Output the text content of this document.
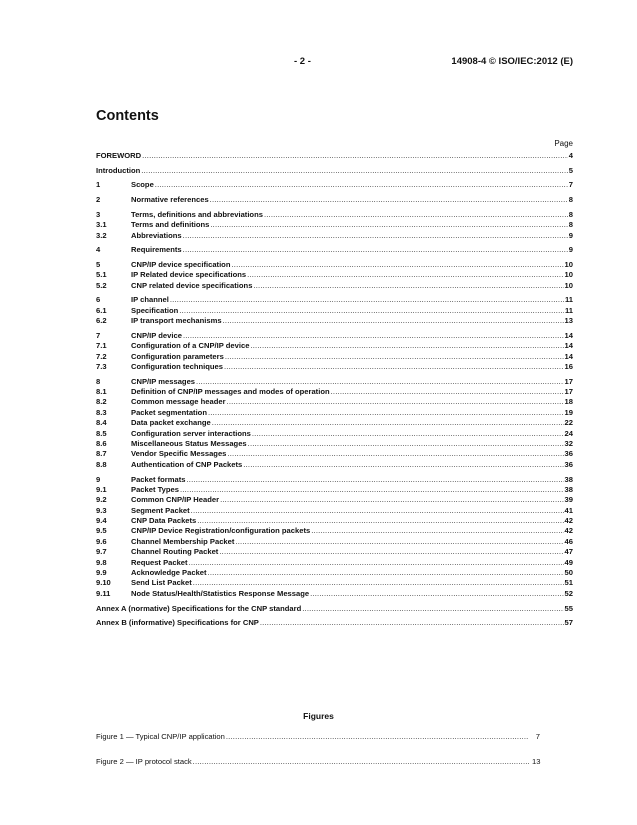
- 2 -	14908-4 © ISO/IEC:2012 (E)
Contents
Page
FOREWORD .....	4
Introduction .....	5
1	Scope .....	7
2	Normative references .....	8
3	Terms, definitions and abbreviations .....	8
3.1	Terms and definitions .....	8
3.2	Abbreviations .....	9
4	Requirements .....	9
5	CNP/IP device specification .....	10
5.1	IP Related device specifications .....	10
5.2	CNP related device specifications .....	10
6	IP channel .....	11
6.1	Specification .....	11
6.2	IP transport mechanisms .....	13
7	CNP/IP device .....	14
7.1	Configuration of a CNP/IP device .....	14
7.2	Configuration parameters .....	14
7.3	Configuration techniques .....	16
8	CNP/IP messages .....	17
8.1	Definition of CNP/IP messages and modes of operation .....	17
8.2	Common message header .....	18
8.3	Packet segmentation .....	19
8.4	Data packet exchange .....	22
8.5	Configuration server interactions .....	24
8.6	Miscellaneous Status Messages .....	32
8.7	Vendor Specific Messages .....	36
8.8	Authentication of CNP Packets .....	36
9	Packet formats .....	38
9.1	Packet Types .....	38
9.2	Common CNP/IP Header .....	39
9.3	Segment Packet .....	41
9.4	CNP Data Packets .....	42
9.5	CNP/IP Device Registration/configuration packets .....	42
9.6	Channel Membership Packet .....	46
9.7	Channel Routing Packet .....	47
9.8	Request Packet .....	49
9.9	Acknowledge Packet .....	50
9.10	Send List Packet .....	51
9.11	Node Status/Health/Statistics Response Message .....	52
Annex A (normative) Specifications for the CNP standard .....	55
Annex B (informative) Specifications for CNP .....	57
Figures
Figure 1 — Typical CNP/IP application .....	7
Figure 2 — IP protocol stack .....	13
